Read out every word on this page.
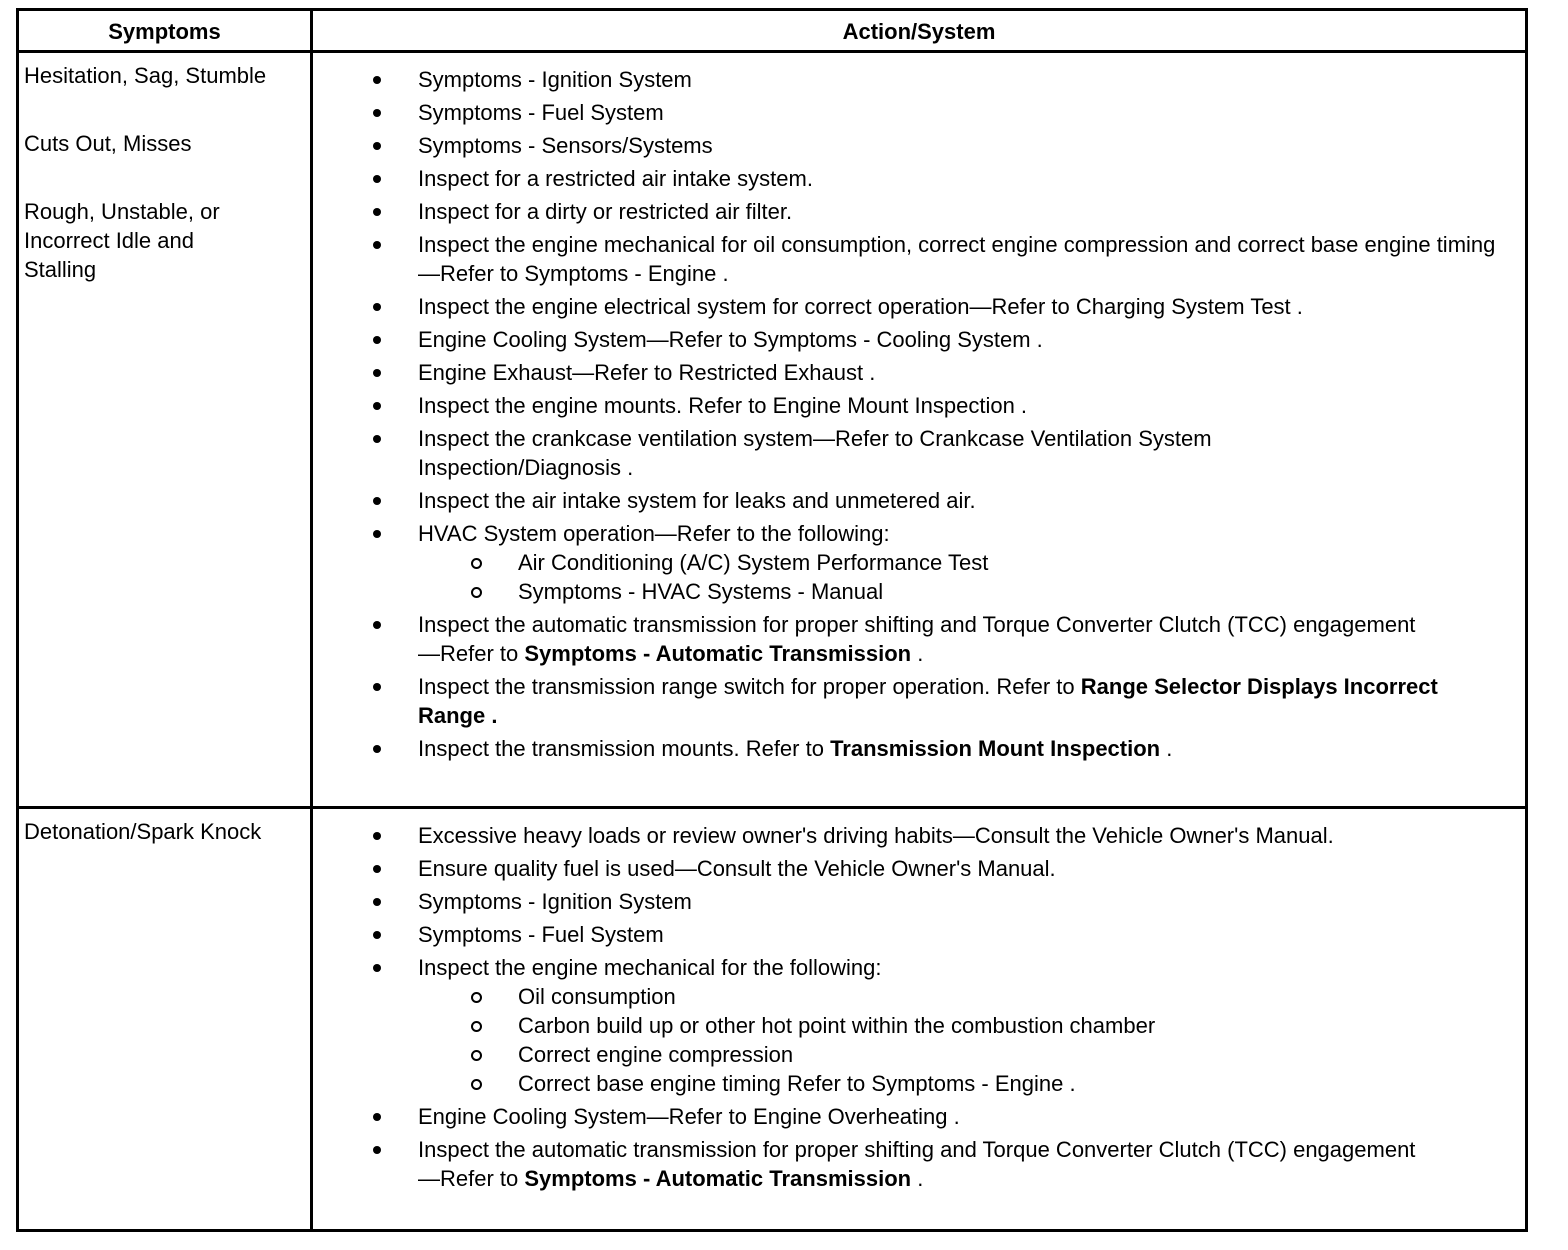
Symptoms	Action/System
Hesitation, Sag, Stumble
Cuts Out, Misses
Rough, Unstable, or Incorrect Idle and Stalling
Symptoms - Ignition System
Symptoms - Fuel System
Symptoms - Sensors/Systems
Inspect for a restricted air intake system.
Inspect for a dirty or restricted air filter.
Inspect the engine mechanical for oil consumption, correct engine compression and correct base engine timing—Refer to Symptoms - Engine .
Inspect the engine electrical system for correct operation—Refer to Charging System Test .
Engine Cooling System—Refer to Symptoms - Cooling System .
Engine Exhaust—Refer to Restricted Exhaust .
Inspect the engine mounts. Refer to Engine Mount Inspection .
Inspect the crankcase ventilation system—Refer to Crankcase Ventilation System Inspection/Diagnosis .
Inspect the air intake system for leaks and unmetered air.
HVAC System operation—Refer to the following:
Air Conditioning (A/C) System Performance Test
Symptoms - HVAC Systems - Manual
Inspect the automatic transmission for proper shifting and Torque Converter Clutch (TCC) engagement—Refer to Symptoms - Automatic Transmission .
Inspect the transmission range switch for proper operation. Refer to Range Selector Displays Incorrect Range .
Inspect the transmission mounts. Refer to Transmission Mount Inspection .
Detonation/Spark Knock	Excessive heavy loads or review owner's driving habits—Consult the Vehicle Owner's Manual.
Ensure quality fuel is used—Consult the Vehicle Owner's Manual.
Symptoms - Ignition System
Symptoms - Fuel System
Inspect the engine mechanical for the following:
Oil consumption
Carbon build up or other hot point within the combustion chamber
Correct engine compression
Correct base engine timing Refer to Symptoms - Engine .
Engine Cooling System—Refer to Engine Overheating .
Inspect the automatic transmission for proper shifting and Torque Converter Clutch (TCC) engagement—Refer to Symptoms - Automatic Transmission .
